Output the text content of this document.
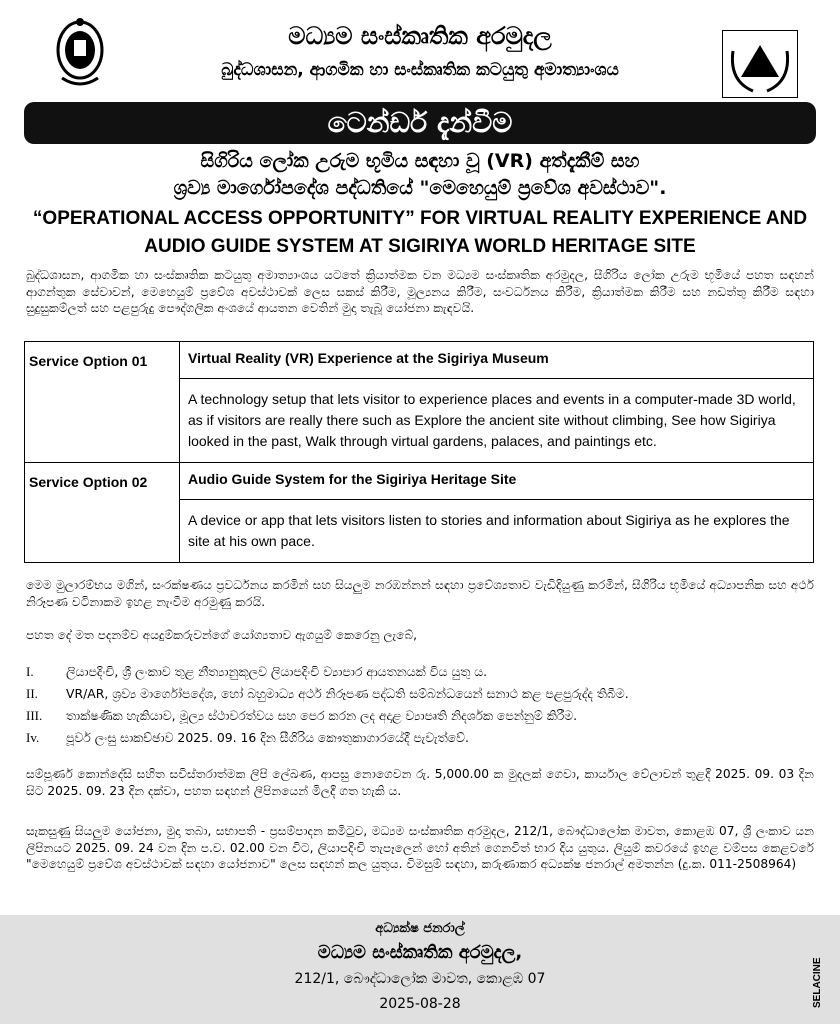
මධ්‍යම සංස්කෘතික අරමුදල
බුද්ධශාසන, ආගමික හා සංස්කෘතික කටයුතු අමාත්‍යාංශය
ටෙන්ඩර් දැන්වීම
සිගිරිය ලෝක උරුම භූමිය සඳහා වූ (VR) අත්දැකීම් සහ
ශ්‍රව්‍ය මාර්ගෝපදේශ පද්ධතියේ "මෙහෙයුම් ප්‍රවේශ අවස්ථාව".
“OPERATIONAL ACCESS OPPORTUNITY” FOR VIRTUAL REALITY EXPERIENCE AND
AUDIO GUIDE SYSTEM AT SIGIRIYA WORLD HERITAGE SITE
බුද්ධශාසන, ආගමික හා සංස්කෘතික කටයුතු අමාත්‍යාංශය යටතේ ක්‍රියාත්මක වන මධ්‍යම සංස්කෘතික අරමුදල, සීගිරිය ලෝක උරුම භූමියේ පහත සඳහන් ආගන්තුක සේවාවන්, මෙහෙයුම් ප්‍රවේශ අවස්ථාවක් ලෙස සකස් කිරීම, මූල්‍යනය කිරීම, සංවර්ධනය කිරීම, ක්‍රියාත්මක කිරීම සහ නඩත්තු කිරීම සඳහා සුදුසුකම්ලත් සහ පළපුරුදු පෞද්ගලික අංශයේ ආයතන වෙතින් මුදා තැබූ යෝජනා කැඳවයි.
Service Option 01	Virtual Reality (VR) Experience at the Sigiriya Museum
	A technology setup that lets visitor to experience places and events in a computer-made 3D world, as if visitors are really there such as Explore the ancient site without climbing, See how Sigiriya looked in the past, Walk through virtual gardens, palaces, and paintings etc.
Service Option 02	Audio Guide System for the Sigiriya Heritage Site
	A device or app that lets visitors listen to stories and information about Sigiriya as he explores the site at his own pace.
මෙම මුලාරම්භය මගින්, සංරක්ෂණය ප්‍රවර්ධනය කරමින් සහ සියලුම නරඹන්නන් සඳහා ප්‍රවේශ්‍යතාව වැඩිදියුණු කරමින්, සීගිරිය භූමියේ අධ්‍යාපනික සහ අර්ථ නිරූපණ වටිනාකම ඉහළ නැංවීම අරමුණු කරයි.
පහත දේ මත පදනම්ව අයදුම්කරුවන්ගේ යෝග්‍යතාව ඇගයුම් කෙරෙනු ලැබේ,
I.	ලියාපදිංචි, ශ්‍රී ලංකාව තුළ නීත්‍යානුකූලව ලියාපදිංචි ව්‍යාපාර ආයතනයක් විය යුතු ය.
II. VR/AR, ශ්‍රව්‍ය මාර්ගෝපදේශ, හෝ බහුමාධ්‍ය අර්ථ නිරූපණ පද්ධති සම්බන්ධයෙන් සනාථ කළ පළපුරුද්ද තිබීම.
III. තාක්ෂණික හැකියාව, මූල්‍ය ස්ථාවරත්වය සහ පෙර කරන ලද අදාළ ව්‍යාපෘති නිදර්ශක පෙන්නුම් කිරීම.
Iv. පූර්ව ලංසු සාකච්ඡාව 2025. 09. 16 දින සීගිරිය කෞතුකාගාරයේදී පැවැත්වේ.
සම්පූර්ණ කොන්දේසි සහිත සවිස්තරාත්මක ලිපි ලේඛණ, ආපසු නොගෙවන රු. 5,000.00 ක මුදලක් ගෙවා, කාර්යාල වේලාවන් තුළදී 2025. 09. 03 දින සිට 2025. 09. 23 දින දක්වා, පහත සඳහන් ලිපිනයෙන් මිලදී ගත හැකි ය.
සැකසුණු සියලුම යෝජනා, මුදා තබා, සභාපති - ප්‍රසම්පාදන කමිටුව, මධ්‍යම සංස්කෘතික අරමුදල, 212/1, බෞද්ධාලෝක මාවත, කොළඹ 07, ශ්‍රී ලංකාව යන ලිපිනයට 2025. 09. 24 වන දින ප.ව. 02.00 වන විට, ලියාපදිංචි තැපෑලෙන් හෝ අතින් ගෙනවිත් භාර දිය යුතුය. ලියුම් කවරයේ ඉහළ වම්පස කෙළවරේ "මෙහෙයුම් ප්‍රවේශ අවස්ථාවක් සඳහා යෝජනාව" ලෙස සඳහන් කල යුතුය. විමසුම් සඳහා, කරුණාකර අධ්‍යක්ෂ ජනරාල් අමතන්න (දු.ක. 011-2508964)
අධ්‍යක්ෂ ජනරාල්
මධ්‍යම සංස්කෘතික අරමුදල,
212/1, බෞද්ධාලෝක මාවත, කොළඹ 07
2025-08-28	SELACINE
